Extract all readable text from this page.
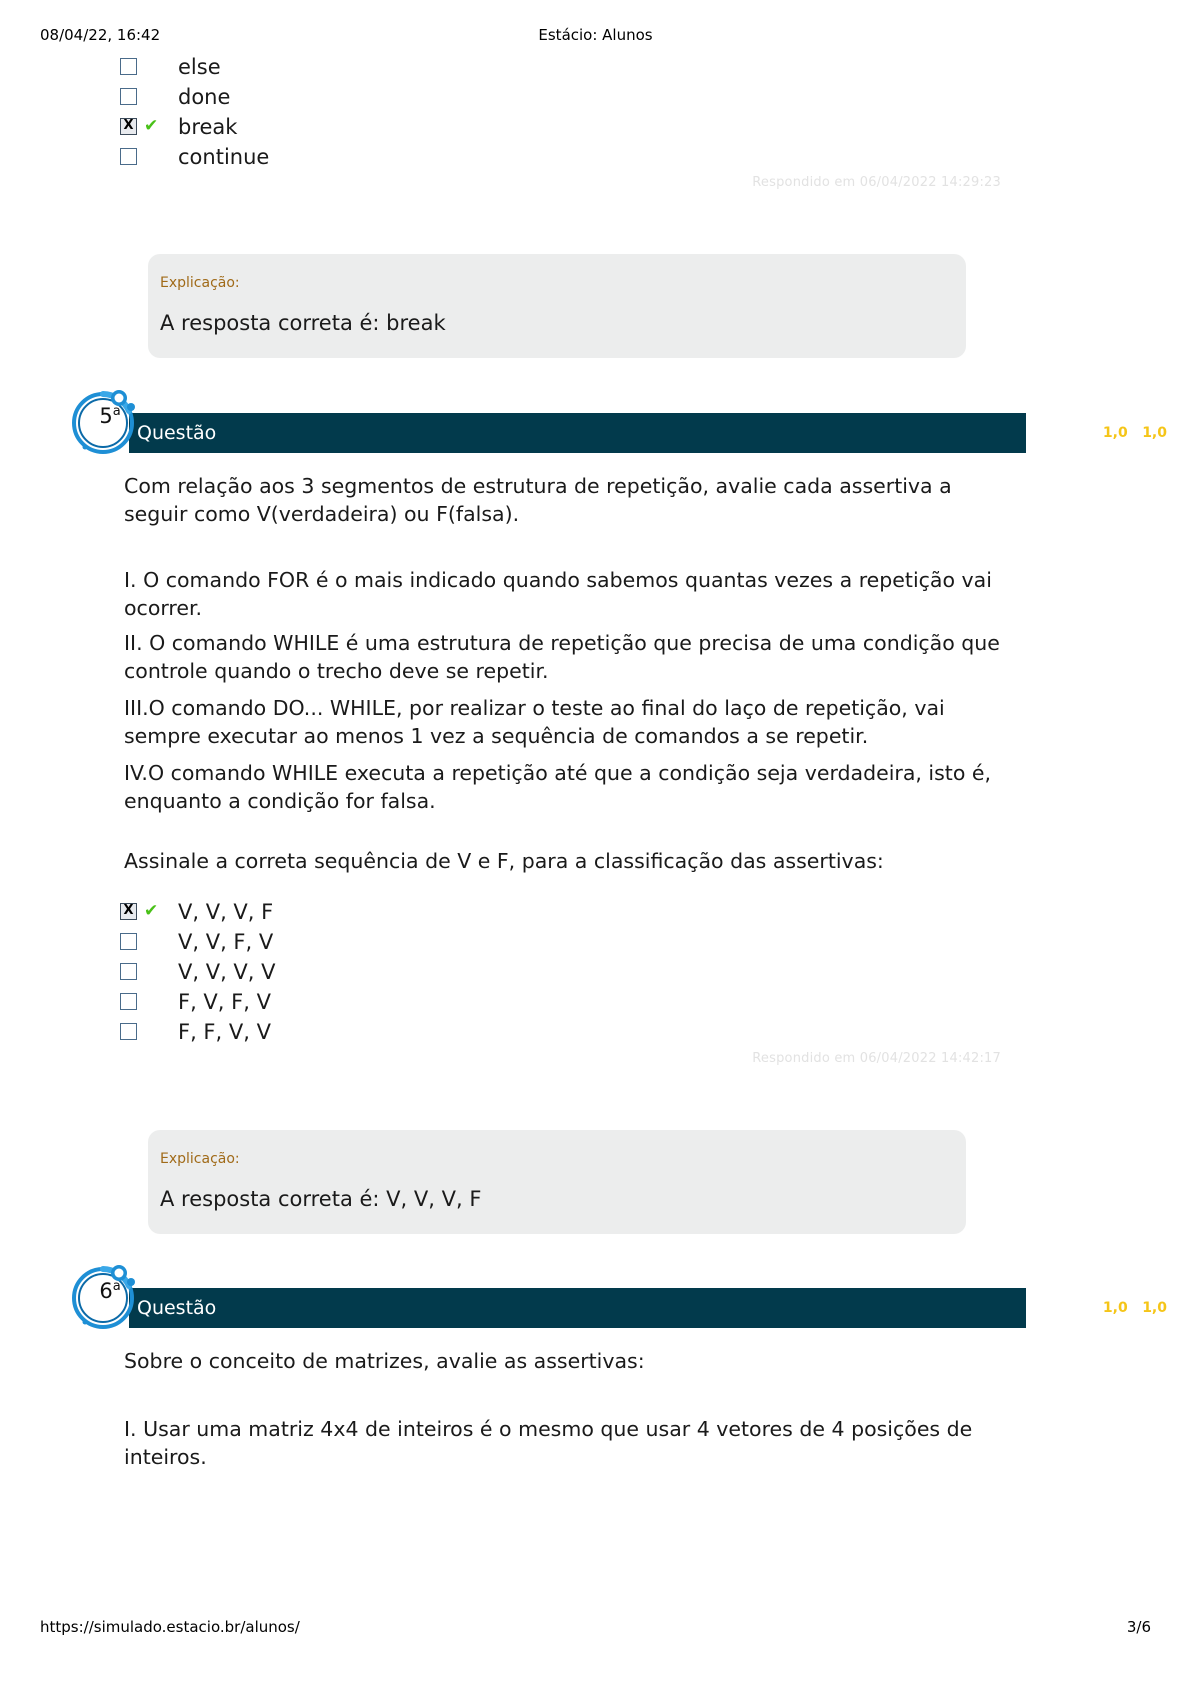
08/04/22, 16:42	Estácio: Alunos
else
done
X
✔ break
continue
Respondido em 06/04/2022 14:29:23
Explicação:
A resposta correta é: break
5$^a$
Questão	Acerto: 1,0 / 1,0
Com relação aos 3 segmentos de estrutura de repetição, avalie cada assertiva a seguir como V(verdadeira) ou F(falsa).
I. O comando FOR é o mais indicado quando sabemos quantas vezes a repetição vai ocorrer.
II. O comando WHILE é uma estrutura de repetição que precisa de uma condição que controle quando o trecho deve se repetir.
III.O comando DO... WHILE, por realizar o teste ao final do laço de repetição, vai sempre executar ao menos 1 vez a sequência de comandos a se repetir.
IV.O comando WHILE executa a repetição até que a condição seja verdadeira, isto é, enquanto a condição for falsa.
Assinale a correta sequência de V e F, para a classificação das assertivas:
X
✔ V, V, V, F
V, V, F, V
V, V, V, V
F, V, F, V
F, F, V, V
Respondido em 06/04/2022 14:42:17
Explicação:
A resposta correta é: V, V, V, F
6$^a$
Questão	Acerto: 1,0 / 1,0
Sobre o conceito de matrizes, avalie as assertivas:
I. Usar uma matriz 4x4 de inteiros é o mesmo que usar 4 vetores de 4 posições de inteiros.
https://simulado.estacio.br/alunos/	3/6
